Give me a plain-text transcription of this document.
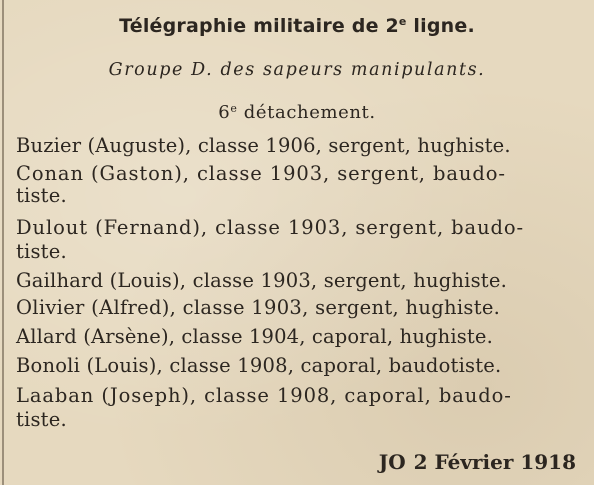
Télégraphie militaire de 2e ligne.
Groupe D. des sapeurs manipulants.
6e détachement.
Buzier (Auguste), classe 1906, sergent, hughiste.
Conan (Gaston), classe 1903, sergent, baudo-
tiste.
Dulout (Fernand), classe 1903, sergent, baudo-
tiste.
Gailhard (Louis), classe 1903, sergent, hughiste.
Olivier (Alfred), classe 1903, sergent, hughiste.
Allard (Arsène), classe 1904, caporal, hughiste.
Bonoli (Louis), classe 1908, caporal, baudotiste.
Laaban (Joseph), classe 1908, caporal, baudo-
tiste.
JO 2 Février 1918
